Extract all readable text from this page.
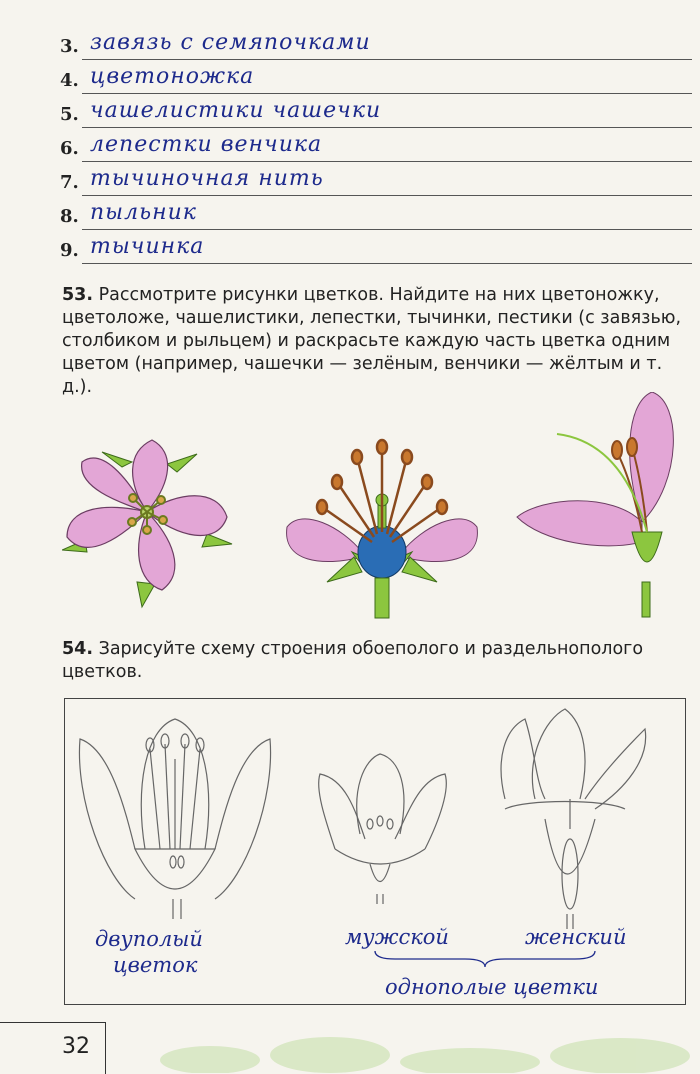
3. завязь с семяпочками
4. цветоножка
5. чашелистики чашечки
6. лепестки венчика
7. тычиночная нить
8. пыльник
9. тычинка
53. Рассмотрите рисунки цветков. Найдите на них цветоножку, цветоложе, чашелистики, лепестки, тычинки, пестики (с завязью, столбиком и рыльцем) и раскрасьте каждую часть цветка одним цветом (например, чашечки — зелёным, венчики — жёлтым и т. д.).
54. Зарисуйте схему строения обоеполого и раздельнополого цветков.
двуполый
цветок
мужской	женский
однополые цветки
32
